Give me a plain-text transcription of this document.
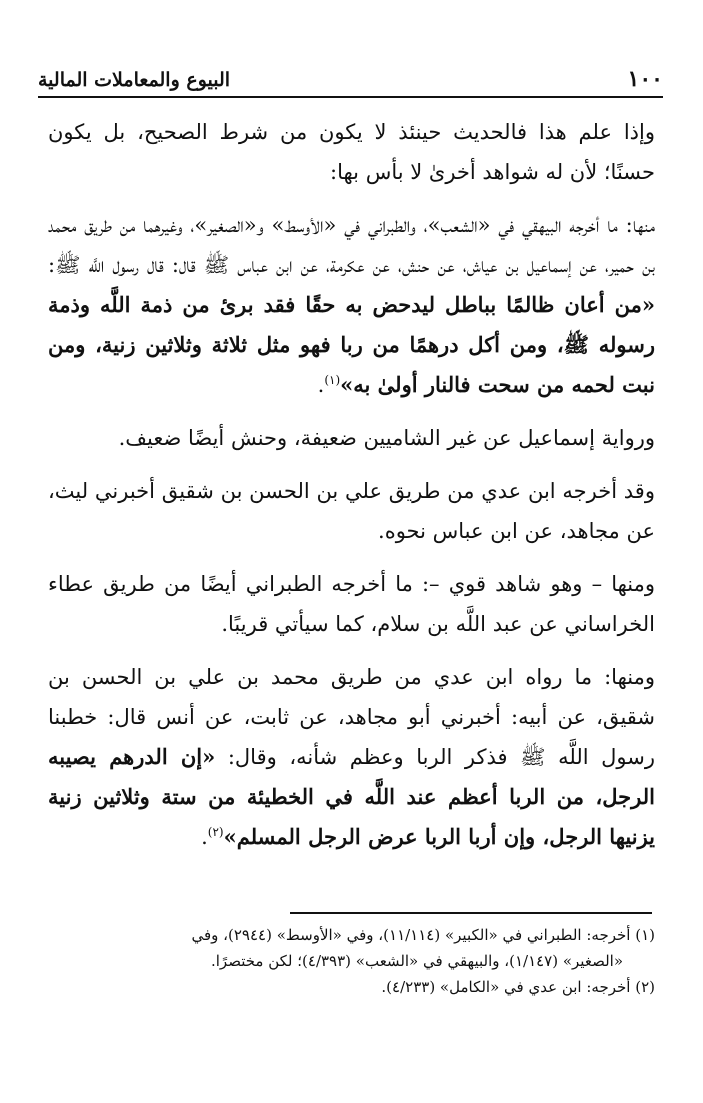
١٠٠
البيوع والمعاملات المالية

وإذا علم هذا فالحديث حينئذ لا يكون من شرط الصحيح، بل يكون حسنًا؛ لأن له شواهد أخرىٰ لا بأس بها:

منها: ما أخرجه البيهقي في «الشعب»، والطبراني في «الأوسط» و«الصغير»، وغيرهما من طريق محمد بن حمير، عن إسماعيل بن عياش، عن حنش، عن عكرمة، عن ابن عباس ﷺ قال: قال رسول اللَّه ﷺ: «من أعان ظالمًا بباطل ليدحض به حقًا فقد برئ من ذمة اللَّه وذمة رسوله ﷺ، ومن أكل درهمًا من ربا فهو مثل ثلاثة وثلاثين زنية، ومن نبت لحمه من سحت فالنار أولىٰ به»$^{(١)}$.

ورواية إسماعيل عن غير الشاميين ضعيفة، وحنش أيضًا ضعيف.

وقد أخرجه ابن عدي من طريق علي بن الحسن بن شقيق أخبرني ليث، عن مجاهد، عن ابن عباس نحوه.

ومنها – وهو شاهد قوي –: ما أخرجه الطبراني أيضًا من طريق عطاء الخراساني عن عبد اللَّه بن سلام، كما سيأتي قريبًا.

ومنها: ما رواه ابن عدي من طريق محمد بن علي بن الحسن بن شقيق، عن أبيه: أخبرني أبو مجاهد، عن ثابت، عن أنس قال: خطبنا رسول اللَّه ﷺ فذكر الربا وعظم شأنه، وقال: «إن الدرهم يصيبه الرجل، من الربا أعظم عند اللَّه في الخطيئة من ستة وثلاثين زنية يزنيها الرجل، وإن أربا الربا عرض الرجل المسلم»$^{(٢)}$.

(١) أخرجه: الطبراني في «الكبير» (١١/١١٤)، وفي «الأوسط» (٢٩٤٤)، وفي
«الصغير» (١/١٤٧)، والبيهقي في «الشعب» (٤/٣٩٣)؛ لكن مختصرًا.

(٢) أخرجه: ابن عدي في «الكامل» (٤/٢٣٣).
